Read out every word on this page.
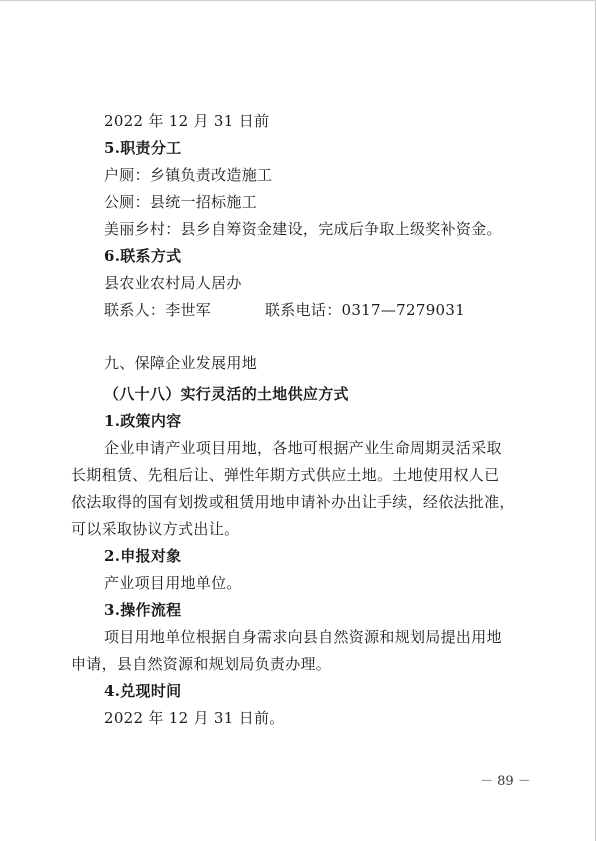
2022 年 12 月 31 日前
5.职责分工
户厕：乡镇负责改造施工
公厕：县统一招标施工
美丽乡村：县乡自筹资金建设，完成后争取上级奖补资金。
6.联系方式
县农业农村局人居办
联系人：李世军	联系电话：0317—7279031
九、保障企业发展用地
（八十八）实行灵活的土地供应方式
1.政策内容
企业申请产业项目用地，各地可根据产业生命周期灵活采取
长期租赁、先租后让、弹性年期方式供应土地。土地使用权人已
依法取得的国有划拨或租赁用地申请补办出让手续，经依法批准，
可以采取协议方式出让。
2.申报对象
产业项目用地单位。
3.操作流程
项目用地单位根据自身需求向县自然资源和规划局提出用地
申请，县自然资源和规划局负责办理。
4.兑现时间
2022 年 12 月 31 日前。
－ 89 －
